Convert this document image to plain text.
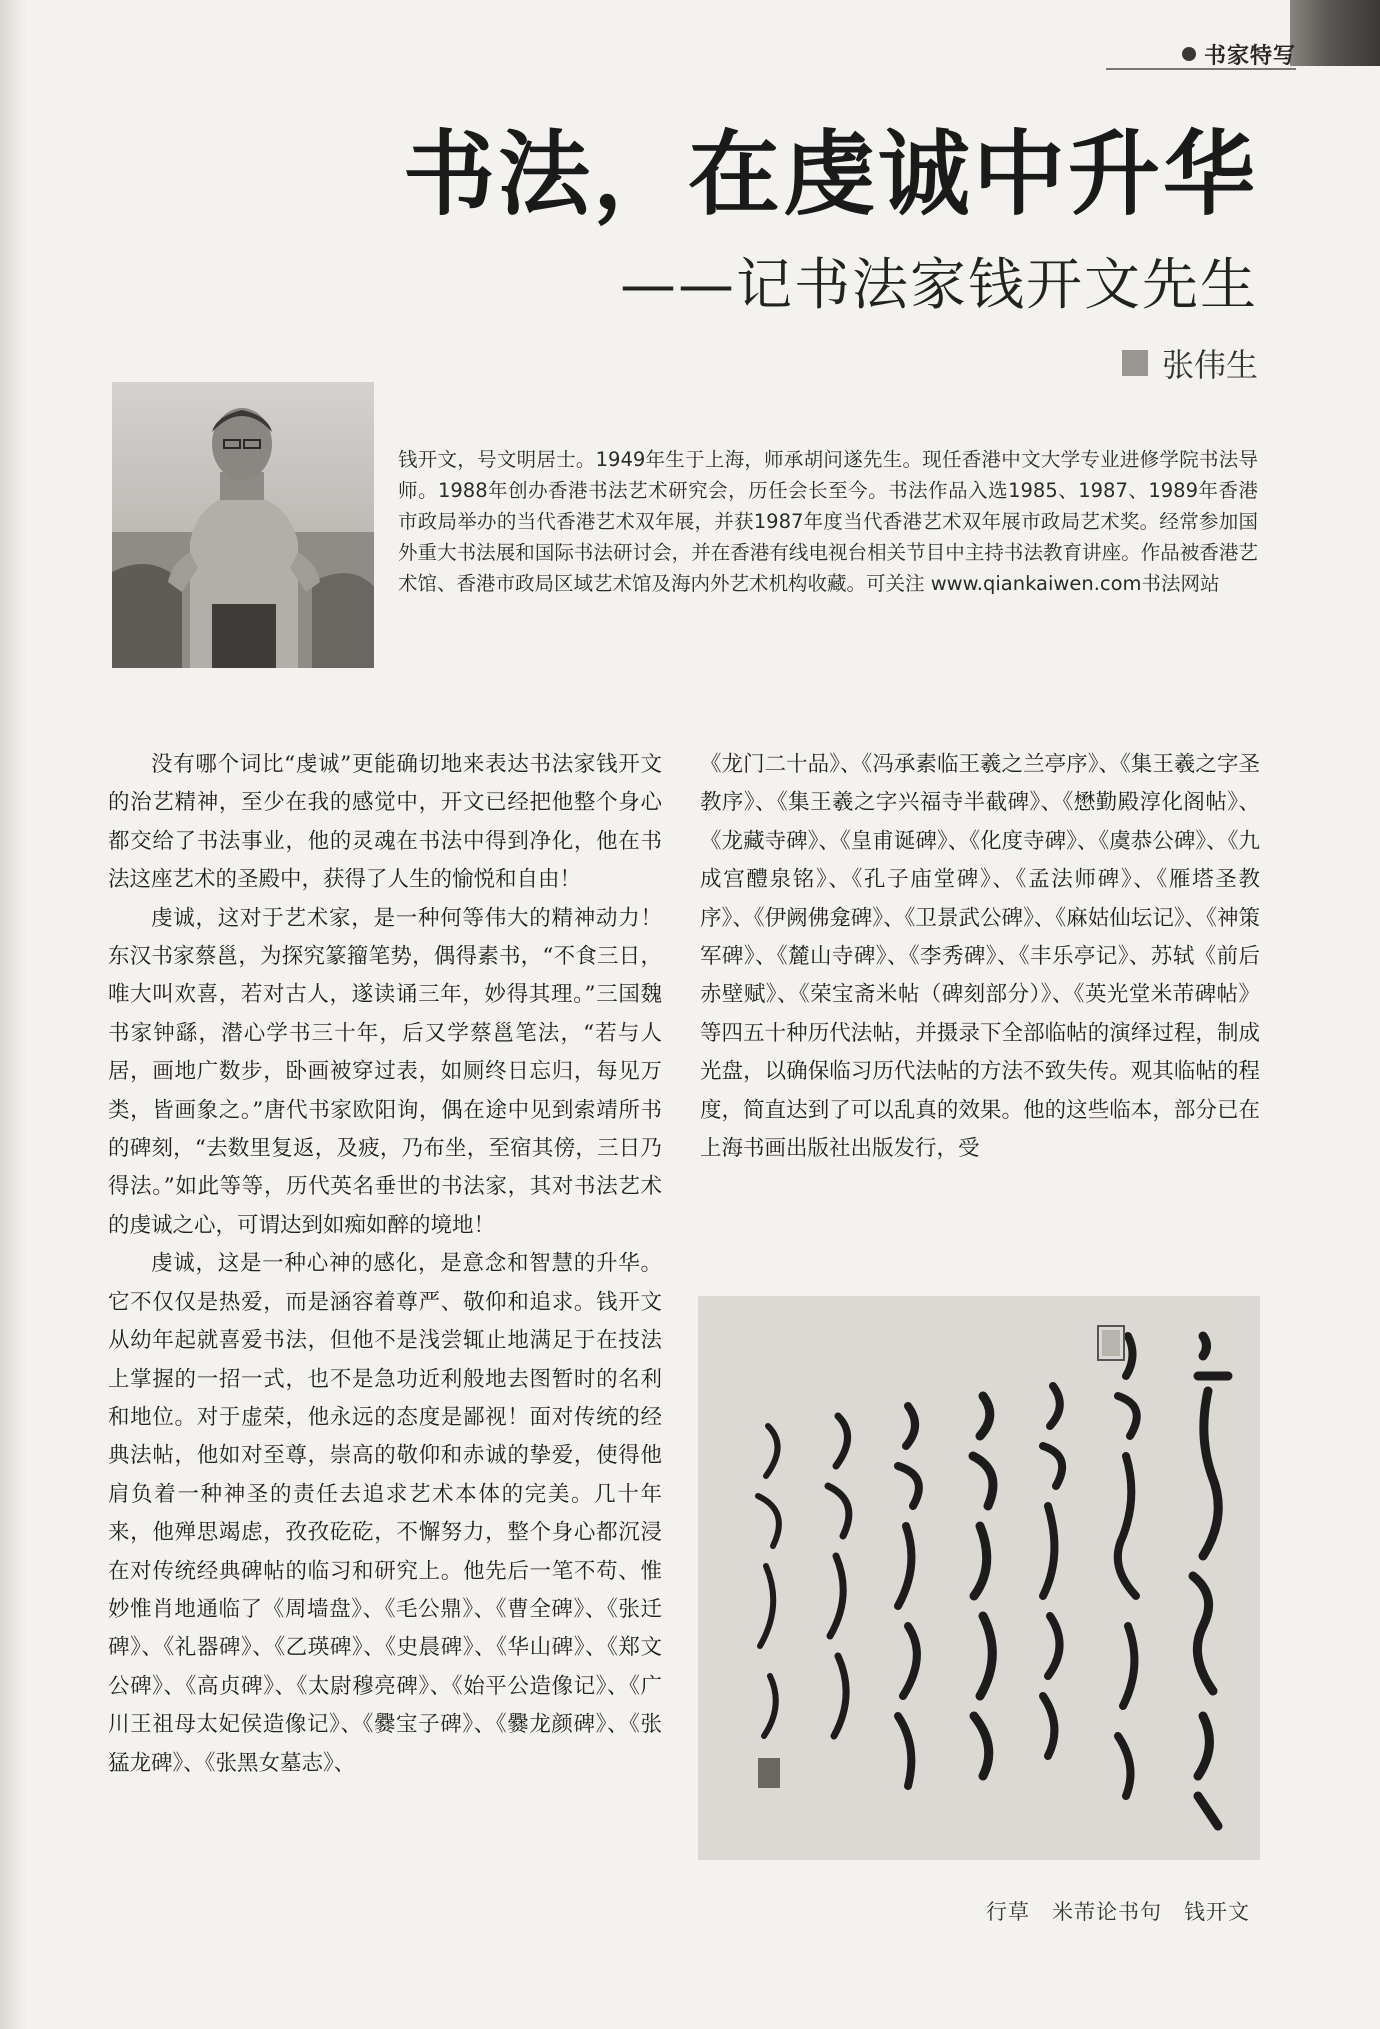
书家特写
书法，在虔诚中升华
——记书法家钱开文先生
张伟生
钱开文，号文明居士。1949年生于上海，师承胡问遂先生。现任香港中文大学专业进修学院书法导师。1988年创办香港书法艺术研究会，历任会长至今。书法作品入选1985、1987、1989年香港市政局举办的当代香港艺术双年展，并获1987年度当代香港艺术双年展市政局艺术奖。经常参加国外重大书法展和国际书法研讨会，并在香港有线电视台相关节目中主持书法教育讲座。作品被香港艺术馆、香港市政局区域艺术馆及海内外艺术机构收藏。可关注 www.qiankaiwen.com书法网站

没有哪个词比“虔诚”更能确切地来表达书法家钱开文的治艺精神，至少在我的感觉中，开文已经把他整个身心都交给了书法事业，他的灵魂在书法中得到净化，他在书法这座艺术的圣殿中，获得了人生的愉悦和自由！

虔诚，这对于艺术家，是一种何等伟大的精神动力！东汉书家蔡邕，为探究篆籀笔势，偶得素书，“不食三日，唯大叫欢喜，若对古人，遂读诵三年，妙得其理。”三国魏书家钟繇，潜心学书三十年，后又学蔡邕笔法，“若与人居，画地广数步，卧画被穿过表，如厕终日忘归，每见万类，皆画象之。”唐代书家欧阳询，偶在途中见到索靖所书的碑刻，“去数里复返，及疲，乃布坐，至宿其傍，三日乃得法。”如此等等，历代英名垂世的书法家，其对书法艺术的虔诚之心，可谓达到如痴如醉的境地！

虔诚，这是一种心神的感化，是意念和智慧的升华。它不仅仅是热爱，而是涵容着尊严、敬仰和追求。钱开文从幼年起就喜爱书法，但他不是浅尝辄止地满足于在技法上掌握的一招一式，也不是急功近利般地去图暂时的名利和地位。对于虚荣，他永远的态度是鄙视！面对传统的经典法帖，他如对至尊，崇高的敬仰和赤诚的挚爱，使得他肩负着一种神圣的责任去追求艺术本体的完美。几十年来，他殚思竭虑，孜孜矻矻，不懈努力，整个身心都沉浸在对传统经典碑帖的临习和研究上。他先后一笔不苟、惟妙惟肖地通临了《周墙盘》、《毛公鼎》、《曹全碑》、《张迁碑》、《礼器碑》、《乙瑛碑》、《史晨碑》、《华山碑》、《郑文公碑》、《高贞碑》、《太尉穆亮碑》、《始平公造像记》、《广川王祖母太妃侯造像记》、《爨宝子碑》、《爨龙颜碑》、《张猛龙碑》、《张黑女墓志》、

《龙门二十品》、《冯承素临王羲之兰亭序》、《集王羲之字圣教序》、《集王羲之字兴福寺半截碑》、《懋勤殿淳化阁帖》、《龙藏寺碑》、《皇甫诞碑》、《化度寺碑》、《虞恭公碑》、《九成宫醴泉铭》、《孔子庙堂碑》、《孟法师碑》、《雁塔圣教序》、《伊阙佛龛碑》、《卫景武公碑》、《麻姑仙坛记》、《神策军碑》、《麓山寺碑》、《李秀碑》、《丰乐亭记》、苏轼《前后赤壁赋》、《荣宝斋米帖（碑刻部分）》、《英光堂米芾碑帖》等四五十种历代法帖，并摄录下全部临帖的演绎过程，制成光盘，以确保临习历代法帖的方法不致失传。观其临帖的程度，简直达到了可以乱真的效果。他的这些临本，部分已在上海书画出版社出版发行，受

行草　米芾论书句　钱开文
